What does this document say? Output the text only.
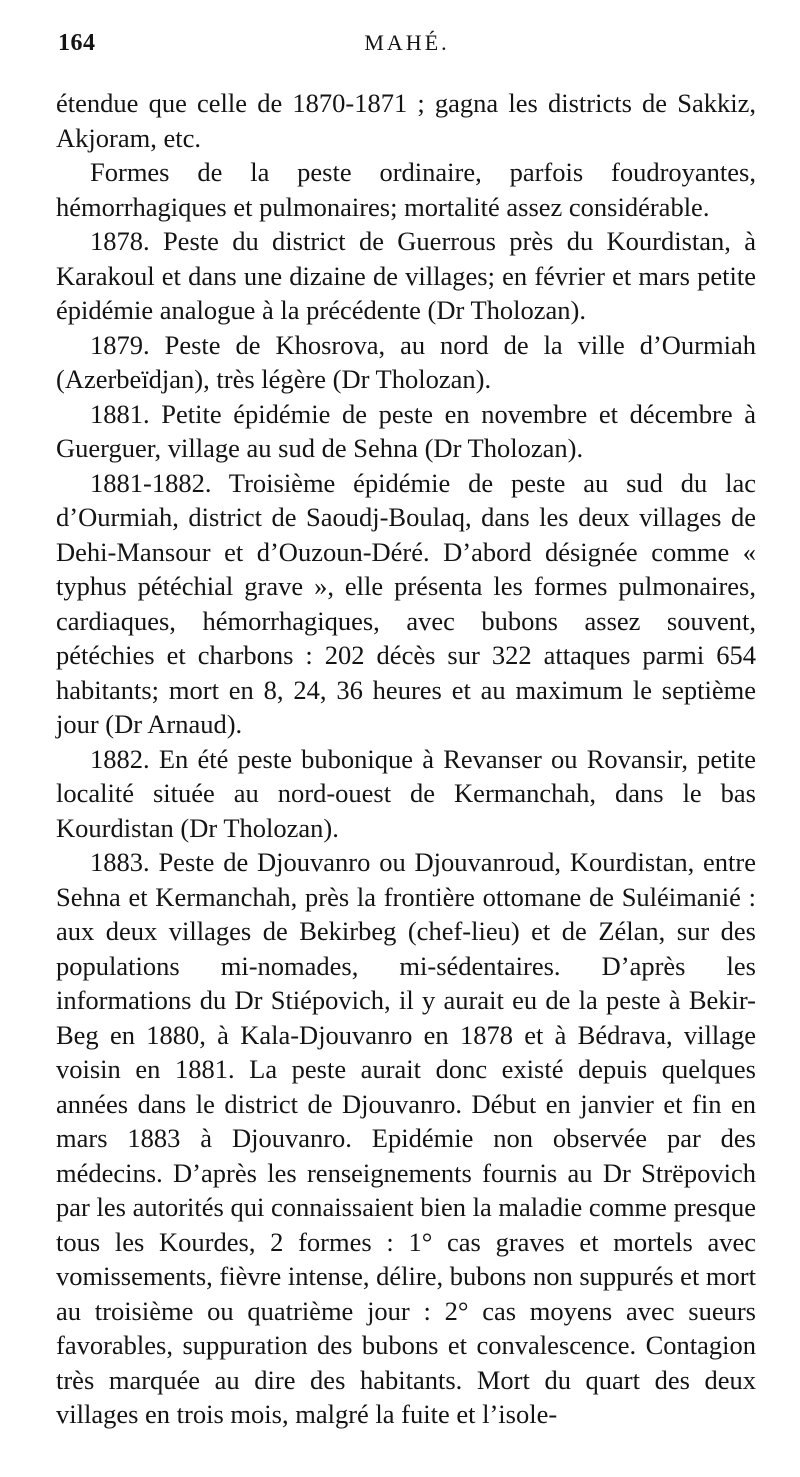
164	MAHÉ.

étendue que celle de 1870-1871 ; gagna les districts de Sakkiz, Akjoram, etc.

Formes de la peste ordinaire, parfois foudroyantes, hémorrhagiques et pulmonaires; mortalité assez considérable.

1878. Peste du district de Guerrous près du Kourdistan, à Karakoul et dans une dizaine de villages; en février et mars petite épidémie analogue à la précédente (Dr Tholozan).

1879. Peste de Khosrova, au nord de la ville d’Ourmiah (Azerbeïdjan), très légère (Dr Tholozan).

1881. Petite épidémie de peste en novembre et décembre à Guerguer, village au sud de Sehna (Dr Tholozan).

1881-1882. Troisième épidémie de peste au sud du lac d’Ourmiah, district de Saoudj-Boulaq, dans les deux villages de Dehi-Mansour et d’Ouzoun-Déré. D’abord désignée comme « typhus pétéchial grave », elle présenta les formes pulmonaires, cardiaques, hémorrhagiques, avec bubons assez souvent, pétéchies et charbons : 202 décès sur 322 attaques parmi 654 habitants; mort en 8, 24, 36 heures et au maximum le septième jour (Dr Arnaud).

1882. En été peste bubonique à Revanser ou Rovansir, petite localité située au nord-ouest de Kermanchah, dans le bas Kourdistan (Dr Tholozan).

1883. Peste de Djouvanro ou Djouvanroud, Kourdistan, entre Sehna et Kermanchah, près la frontière ottomane de Suléimanié : aux deux villages de Bekirbeg (chef-lieu) et de Zélan, sur des populations mi-nomades, mi-sédentaires. D’après les informations du Dr Stiépovich, il y aurait eu de la peste à Bekir-Beg en 1880, à Kala-Djouvanro en 1878 et à Bédrava, village voisin en 1881. La peste aurait donc existé depuis quelques années dans le district de Djouvanro. Début en janvier et fin en mars 1883 à Djouvanro. Epidémie non observée par des médecins. D’après les renseignements fournis au Dr Strëpovich par les autorités qui connaissaient bien la maladie comme presque tous les Kourdes, 2 formes : 1° cas graves et mortels avec vomissements, fièvre intense, délire, bubons non suppurés et mort au troisième ou quatrième jour : 2° cas moyens avec sueurs favorables, suppuration des bubons et convalescence. Contagion très marquée au dire des habitants. Mort du quart des deux villages en trois mois, malgré la fuite et l’isole-
